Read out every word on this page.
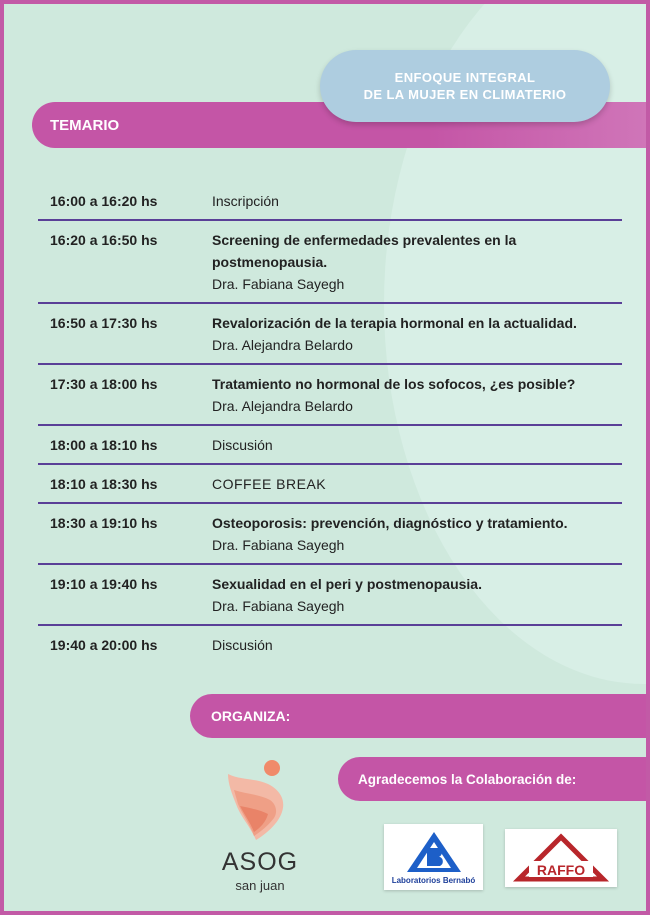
TEMARIO
ENFOQUE INTEGRAL
DE LA MUJER EN CLIMATERIO
16:00 a 16:20 hs	Inscripción
16:20 a 16:50 hs	Screening de enfermedades prevalentes en la postmenopausia.
Dra. Fabiana Sayegh
16:50 a 17:30 hs	Revalorización de la terapia hormonal en la actualidad.
Dra. Alejandra Belardo
17:30 a 18:00 hs	Tratamiento no hormonal de los sofocos, ¿es posible?
Dra. Alejandra Belardo
18:00 a 18:10 hs	Discusión
18:10 a 18:30 hs	COFFEE BREAK
18:30 a 19:10 hs	Osteoporosis: prevención, diagnóstico y tratamiento.
Dra. Fabiana Sayegh
19:10 a 19:40 hs	Sexualidad en el peri y postmenopausia.
Dra. Fabiana Sayegh
19:40 a 20:00 hs	Discusión
ORGANIZA:
Agradecemos la Colaboración de:
ASOG
san juan	Laboratorios Bernabó
RAFFO
